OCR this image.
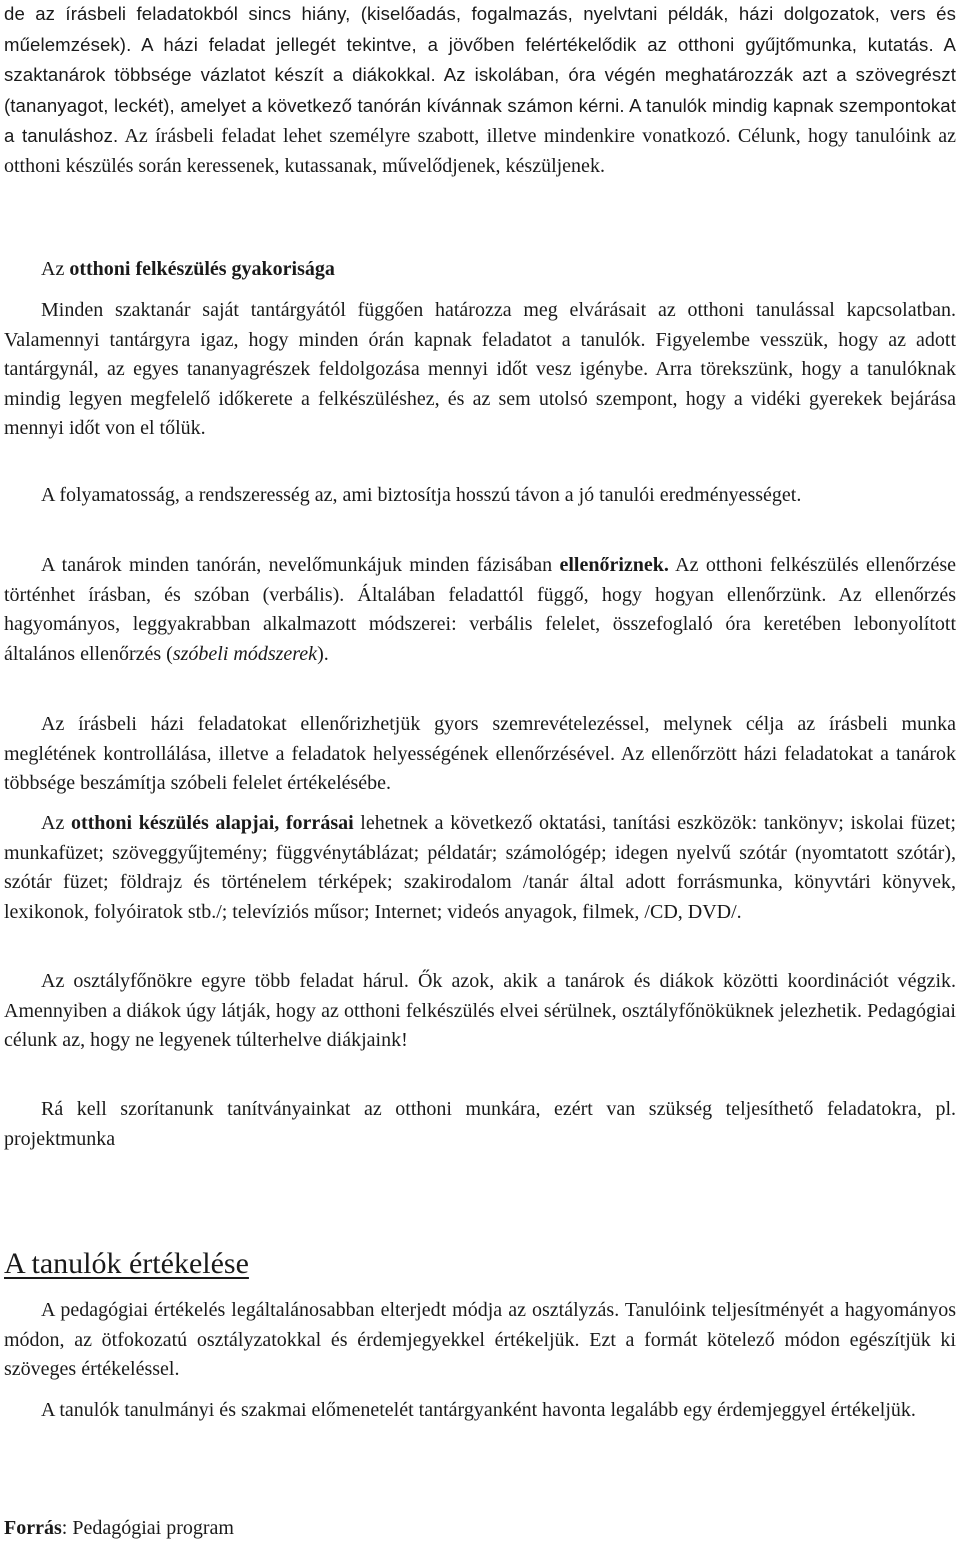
de az írásbeli feladatokból sincs hiány, (kiselőadás, fogalmazás, nyelvtani példák, házi dolgozatok, vers és műelemzések). A házi feladat jellegét tekintve, a jövőben felértékelődik az otthoni gyűjtőmunka, kutatás. A szaktanárok többsége vázlatot készít a diákokkal. Az iskolában, óra végén meghatározzák azt a szövegrészt (tananyagot, leckét), amelyet a következő tanórán kívánnak számon kérni. A tanulók mindig kapnak szempontokat a tanuláshoz. Az írásbeli feladat lehet személyre szabott, illetve mindenkire vonatkozó. Célunk, hogy tanulóink az otthoni készülés során keressenek, kutassanak, művelődjenek, készüljenek.

Az otthoni felkészülés gyakorisága

Minden szaktanár saját tantárgyától függően határozza meg elvárásait az otthoni tanulással kapcsolatban. Valamennyi tantárgyra igaz, hogy minden órán kapnak feladatot a tanulók. Figyelembe vesszük, hogy az adott tantárgynál, az egyes tananyagrészek feldolgozása mennyi időt vesz igénybe. Arra törekszünk, hogy a tanulóknak mindig legyen megfelelő időkerete a felkészüléshez, és az sem utolsó szempont, hogy a vidéki gyerekek bejárása mennyi időt von el tőlük.

A folyamatosság, a rendszeresség az, ami biztosítja hosszú távon a jó tanulói eredményességet.

A tanárok minden tanórán, nevelőmunkájuk minden fázisában ellenőriznek. Az otthoni felkészülés ellenőrzése történhet írásban, és szóban (verbális). Általában feladattól függő, hogy hogyan ellenőrzünk. Az ellenőrzés hagyományos, leggyakrabban alkalmazott módszerei: verbális felelet, összefoglaló óra keretében lebonyolított általános ellenőrzés (szóbeli módszerek).

Az írásbeli házi feladatokat ellenőrizhetjük gyors szemrevételezéssel, melynek célja az írásbeli munka meglétének kontrollálása, illetve a feladatok helyességének ellenőrzésével. Az ellenőrzött házi feladatokat a tanárok többsége beszámítja szóbeli felelet értékelésébe.

Az otthoni készülés alapjai, forrásai lehetnek a következő oktatási, tanítási eszközök: tankönyv; iskolai füzet; munkafüzet; szöveggyűjtemény; függvénytáblázat; példatár; számológép; idegen nyelvű szótár (nyomtatott szótár), szótár füzet; földrajz és történelem térképek; szakirodalom /tanár által adott forrásmunka, könyvtári könyvek, lexikonok, folyóiratok stb./; televíziós műsor; Internet; videós anyagok, filmek, /CD, DVD/.

Az osztályfőnökre egyre több feladat hárul. Ők azok, akik a tanárok és diákok közötti koordinációt végzik. Amennyiben a diákok úgy látják, hogy az otthoni felkészülés elvei sérülnek, osztályfőnöküknek jelezhetik. Pedagógiai célunk az, hogy ne legyenek túlterhelve diákjaink!

Rá kell szorítanunk tanítványainkat az otthoni munkára, ezért van szükség teljesíthető feladatokra, pl. projektmunka

A tanulók értékelése

A pedagógiai értékelés legáltalánosabban elterjedt módja az osztályzás. Tanulóink teljesítményét a hagyományos módon, az ötfokozatú osztályzatokkal és érdemjegyekkel értékeljük. Ezt a formát kötelező módon egészítjük ki szöveges értékeléssel.

A tanulók tanulmányi és szakmai előmenetelét tantárgyanként havonta legalább egy érdemjeggyel értékeljük.

Forrás: Pedagógiai program
